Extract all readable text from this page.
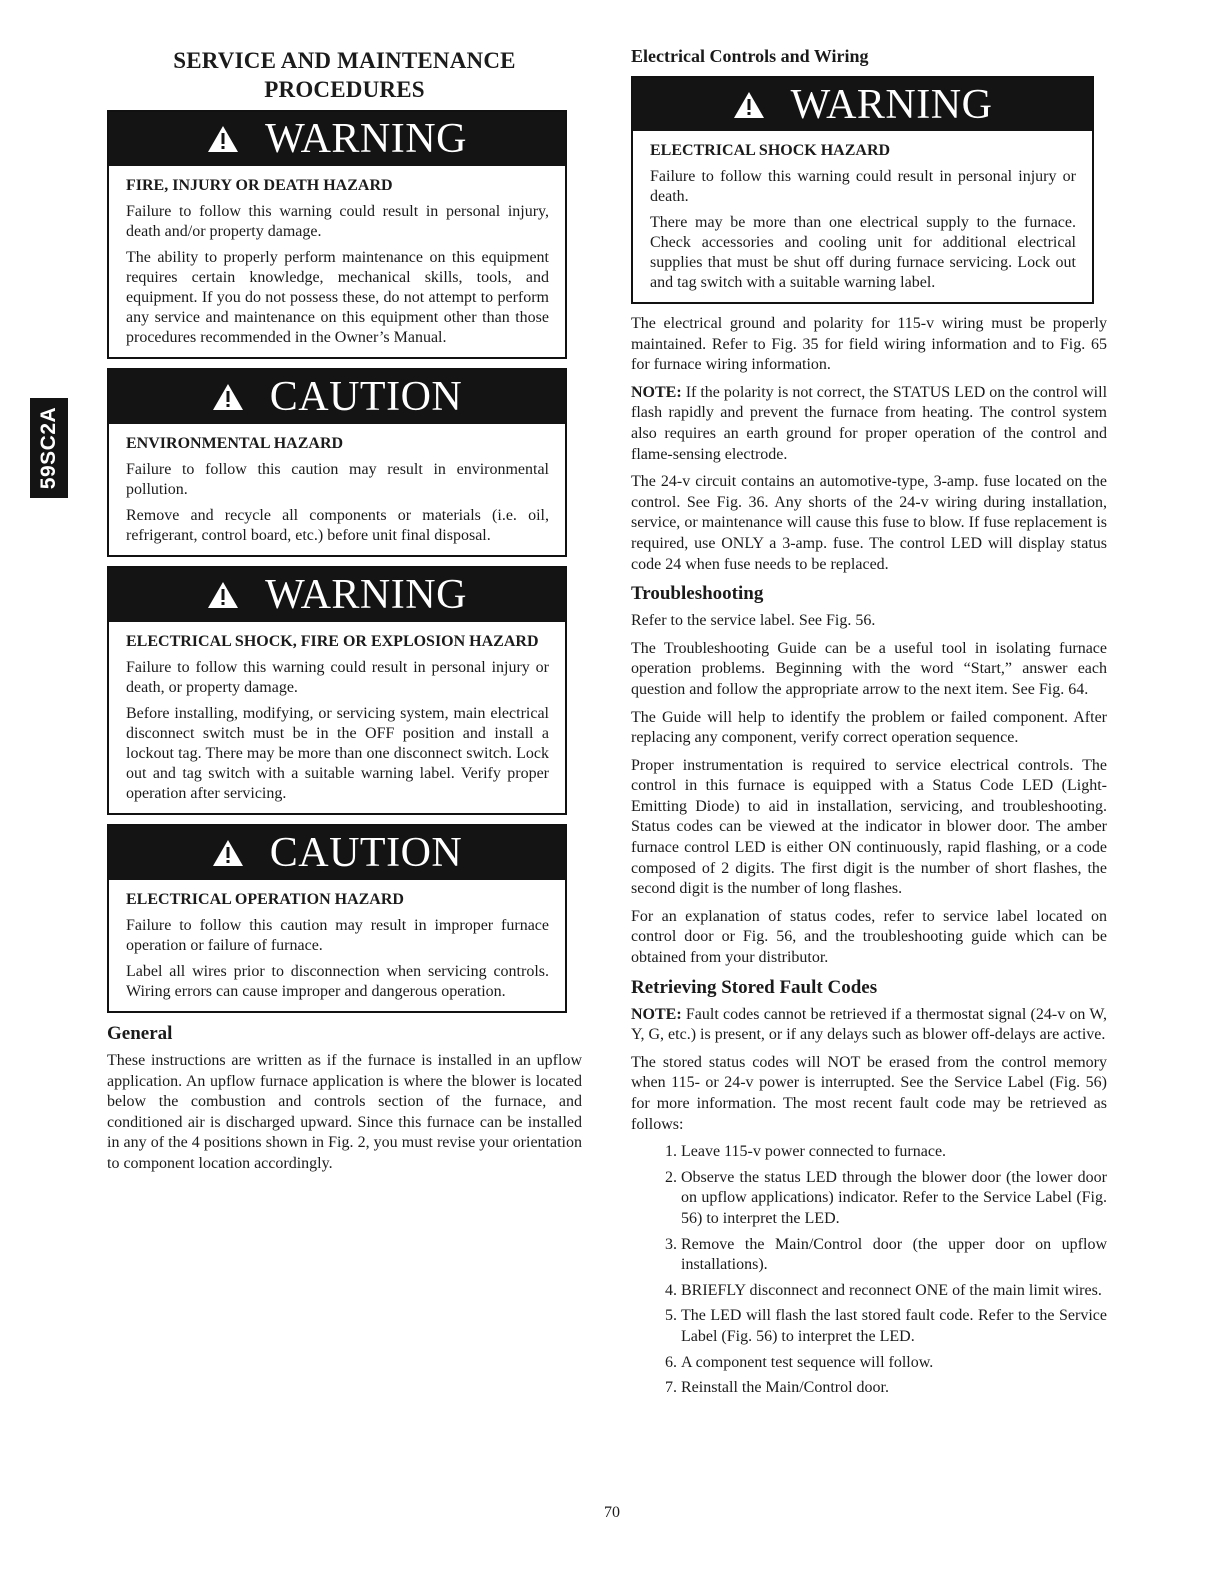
59SC2A
SERVICE AND MAINTENANCE
PROCEDURES
WARNING
FIRE, INJURY OR DEATH HAZARD

Failure to follow this warning could result in personal injury, death and/or property damage.

The ability to properly perform maintenance on this equipment requires certain knowledge, mechanical skills, tools, and equipment. If you do not possess these, do not attempt to perform any service and maintenance on this equipment other than those procedures recommended in the Owner’s Manual.

CAUTION
ENVIRONMENTAL HAZARD

Failure to follow this caution may result in environmental pollution.

Remove and recycle all components or materials (i.e. oil, refrigerant, control board, etc.) before unit final disposal.

WARNING
ELECTRICAL SHOCK, FIRE OR EXPLOSION HAZARD

Failure to follow this warning could result in personal injury or death, or property damage.

Before installing, modifying, or servicing system, main electrical disconnect switch must be in the OFF position and install a lockout tag. There may be more than one disconnect switch. Lock out and tag switch with a suitable warning label. Verify proper operation after servicing.

CAUTION
ELECTRICAL OPERATION HAZARD

Failure to follow this caution may result in improper furnace operation or failure of furnace.

Label all wires prior to disconnection when servicing controls. Wiring errors can cause improper and dangerous operation.

General

These instructions are written as if the furnace is installed in an upflow application. An upflow furnace application is where the blower is located below the combustion and controls section of the furnace, and conditioned air is discharged upward. Since this furnace can be installed in any of the 4 positions shown in Fig. 2, you must revise your orientation to component location accordingly.

Electrical Controls and Wiring
WARNING
ELECTRICAL SHOCK HAZARD

Failure to follow this warning could result in personal injury or death.

There may be more than one electrical supply to the furnace. Check accessories and cooling unit for additional electrical supplies that must be shut off during furnace servicing. Lock out and tag switch with a suitable warning label.

The electrical ground and polarity for 115-v wiring must be properly maintained. Refer to Fig. 35 for field wiring information and to Fig. 65 for furnace wiring information.

NOTE: If the polarity is not correct, the STATUS LED on the control will flash rapidly and prevent the furnace from heating. The control system also requires an earth ground for proper operation of the control and flame-sensing electrode.

The 24-v circuit contains an automotive-type, 3-amp. fuse located on the control. See Fig. 36. Any shorts of the 24-v wiring during installation, service, or maintenance will cause this fuse to blow. If fuse replacement is required, use ONLY a 3-amp. fuse. The control LED will display status code 24 when fuse needs to be replaced.

Troubleshooting

Refer to the service label. See Fig. 56.

The Troubleshooting Guide can be a useful tool in isolating furnace operation problems. Beginning with the word “Start,” answer each question and follow the appropriate arrow to the next item. See Fig. 64.

The Guide will help to identify the problem or failed component. After replacing any component, verify correct operation sequence.

Proper instrumentation is required to service electrical controls. The control in this furnace is equipped with a Status Code LED (Light-Emitting Diode) to aid in installation, servicing, and troubleshooting. Status codes can be viewed at the indicator in blower door. The amber furnace control LED is either ON continuously, rapid flashing, or a code composed of 2 digits. The first digit is the number of short flashes, the second digit is the number of long flashes.

For an explanation of status codes, refer to service label located on control door or Fig. 56, and the troubleshooting guide which can be obtained from your distributor.

Retrieving Stored Fault Codes

NOTE: Fault codes cannot be retrieved if a thermostat signal (24-v on W, Y, G, etc.) is present, or if any delays such as blower off-delays are active.

The stored status codes will NOT be erased from the control memory when 115- or 24-v power is interrupted. See the Service Label (Fig. 56) for more information. The most recent fault code may be retrieved as follows:

1. Leave 115-v power connected to furnace.
2. Observe the status LED through the blower door (the lower door on upflow applications) indicator. Refer to the Service Label (Fig. 56) to interpret the LED.
3. Remove the Main/Control door (the upper door on upflow installations).
4. BRIEFLY disconnect and reconnect ONE of the main limit wires.
5. The LED will flash the last stored fault code. Refer to the Service Label (Fig. 56) to interpret the LED.
6. A component test sequence will follow.
7. Reinstall the Main/Control door.
70
